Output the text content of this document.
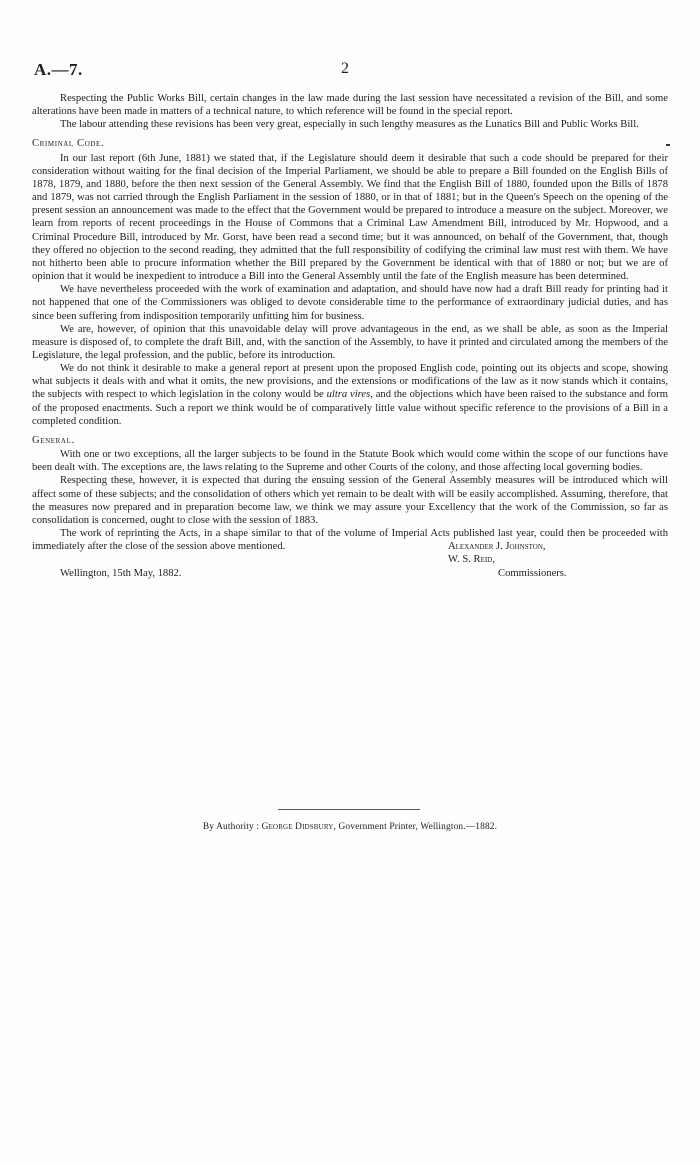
A.—7.	2

Respecting the Public Works Bill, certain changes in the law made during the last session have necessitated a revision of the Bill, and some alterations have been made in matters of a technical nature, to which reference will be found in the special report.

The labour attending these revisions has been very great, especially in such lengthy measures as the Lunatics Bill and Public Works Bill.

Criminal Code.

In our last report (6th June, 1881) we stated that, if the Legislature should deem it desirable that such a code should be prepared for their consideration without waiting for the final decision of the Imperial Parliament, we should be able to prepare a Bill founded on the English Bills of 1878, 1879, and 1880, before the then next session of the General Assembly. We find that the English Bill of 1880, founded upon the Bills of 1878 and 1879, was not carried through the English Parliament in the session of 1880, or in that of 1881; but in the Queen's Speech on the opening of the present session an announcement was made to the effect that the Government would be prepared to introduce a measure on the subject. Moreover, we learn from reports of recent proceedings in the House of Commons that a Criminal Law Amendment Bill, introduced by Mr. Hopwood, and a Criminal Procedure Bill, introduced by Mr. Gorst, have been read a second time; but it was announced, on behalf of the Government, that, though they offered no objection to the second reading, they admitted that the full responsibility of codifying the criminal law must rest with them. We have not hitherto been able to procure information whether the Bill prepared by the Government be identical with that of 1880 or not; but we are of opinion that it would be inexpedient to introduce a Bill into the General Assembly until the fate of the English measure has been determined.

We have nevertheless proceeded with the work of examination and adaptation, and should have now had a draft Bill ready for printing had it not happened that one of the Commissioners was obliged to devote considerable time to the performance of extraordinary judicial duties, and has since been suffering from indisposition temporarily unfitting him for business.

We are, however, of opinion that this unavoidable delay will prove advantageous in the end, as we shall be able, as soon as the Imperial measure is disposed of, to complete the draft Bill, and, with the sanction of the Assembly, to have it printed and circulated among the members of the Legislature, the legal profession, and the public, before its introduction.

We do not think it desirable to make a general report at present upon the proposed English code, pointing out its objects and scope, showing what subjects it deals with and what it omits, the new provisions, and the extensions or modifications of the law as it now stands which it contains, the subjects with respect to which legislation in the colony would be ultra vires, and the objections which have been raised to the substance and form of the proposed enactments. Such a report we think would be of comparatively little value without specific reference to the provisions of a Bill in a completed condition.

General.

With one or two exceptions, all the larger subjects to be found in the Statute Book which would come within the scope of our functions have been dealt with. The exceptions are, the laws relating to the Supreme and other Courts of the colony, and those affecting local governing bodies.

Respecting these, however, it is expected that during the ensuing session of the General Assembly measures will be introduced which will affect some of these subjects; and the consolidation of others which yet remain to be dealt with will be easily accomplished. Assuming, therefore, that the measures now prepared and in preparation become law, we think we may assure your Excellency that the work of the Commission, so far as consolidation is concerned, ought to close with the session of 1883.

The work of reprinting the Acts, in a shape similar to that of the volume of Imperial Acts published last year, could then be proceeded with immediately after the close of the session above mentioned.	Alexander J. Johnston,
W. S. Reid,
Wellington, 15th May, 1882.	Commissioners.
By Authority : George Didsbury, Government Printer, Wellington.—1882.
